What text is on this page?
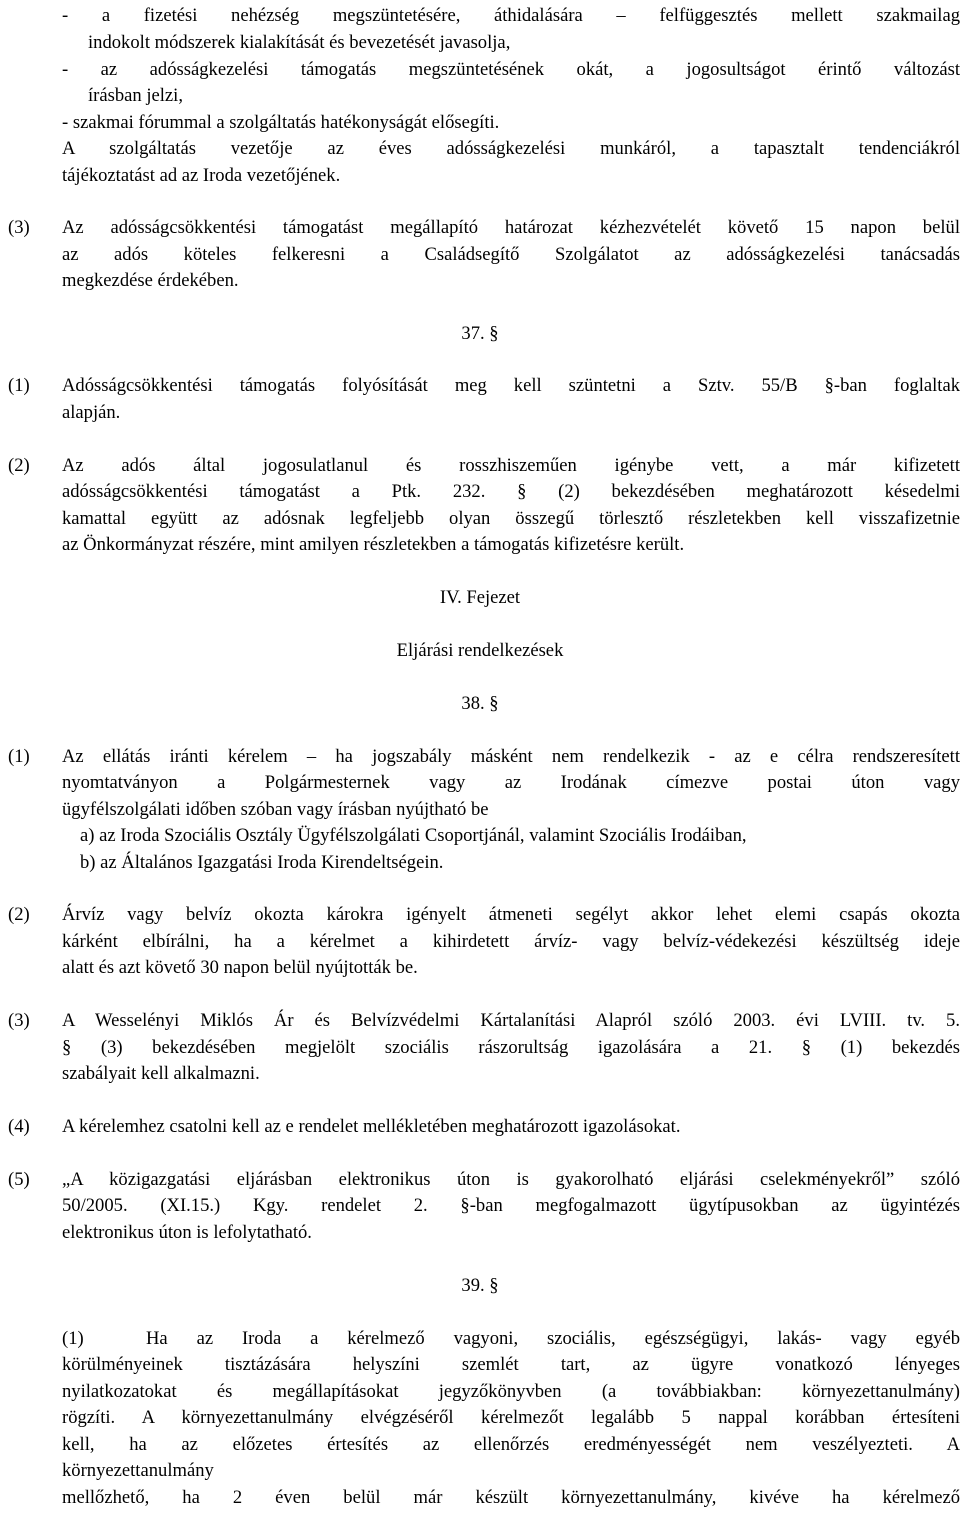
- a fizetési nehézség megszüntetésére, áthidalására – felfüggesztés mellett szakmailag
indokolt módszerek kialakítását és bevezetését javasolja,
- az adósságkezelési támogatás megszüntetésének okát, a jogosultságot érintő változást
írásban jelzi,
- szakmai fórummal a szolgáltatás hatékonyságát elősegíti.
A szolgáltatás vezetője az éves adósságkezelési munkáról, a tapasztalt tendenciákról
tájékoztatást ad az Iroda vezetőjének.
(3) Az adósságcsökkentési támogatást megállapító határozat kézhezvételét követő 15 napon belül
az adós köteles felkeresni a Családsegítő Szolgálatot az adósságkezelési tanácsadás
megkezdése érdekében.
37. §
(1) Adósságcsökkentési támogatás folyósítását meg kell szüntetni a Sztv. 55/B §-ban foglaltak
alapján.
(2) Az adós által jogosulatlanul és rosszhiszeműen igénybe vett, a már kifizetett
adósságcsökkentési támogatást a Ptk. 232. § (2) bekezdésében meghatározott késedelmi
kamattal együtt az adósnak legfeljebb olyan összegű törlesztő részletekben kell visszafizetnie
az Önkormányzat részére, mint amilyen részletekben a támogatás kifizetésre került.
IV. Fejezet
Eljárási rendelkezések
38. §
(1) Az ellátás iránti kérelem – ha jogszabály másként nem rendelkezik - az e célra rendszeresített
nyomtatványon a Polgármesternek vagy az Irodának címezve postai úton vagy
ügyfélszolgálati időben szóban vagy írásban nyújtható be
a) az Iroda Szociális Osztály Ügyfélszolgálati Csoportjánál, valamint Szociális Irodáiban,
b) az Általános Igazgatási Iroda Kirendeltségein.
(2) Árvíz vagy belvíz okozta károkra igényelt átmeneti segélyt akkor lehet elemi csapás okozta
kárként elbírálni, ha a kérelmet a kihirdetett árvíz- vagy belvíz-védekezési készültség ideje
alatt és azt követő 30 napon belül nyújtották be.
(3) A Wesselényi Miklós Ár és Belvízvédelmi Kártalanítási Alapról szóló 2003. évi LVIII. tv. 5.
§ (3) bekezdésében megjelölt szociális rászorultság igazolására a 21. § (1) bekezdés
szabályait kell alkalmazni.
(4) A kérelemhez csatolni kell az e rendelet mellékletében meghatározott igazolásokat.
(5) „A közigazgatási eljárásban elektronikus úton is gyakorolható eljárási cselekményekről” szóló
50/2005. (XI.15.) Kgy. rendelet 2. §-ban megfogalmazott ügytípusokban az ügyintézés
elektronikus úton is lefolytatható.
39. §
(1)	Ha az Iroda a kérelmező vagyoni, szociális, egészségügyi, lakás- vagy egyéb
körülményeinek tisztázására helyszíni szemlét tart, az ügyre vonatkozó lényeges
nyilatkozatokat és megállapításokat jegyzőkönyvben (a továbbiakban: környezettanulmány)
rögzíti. A környezettanulmány elvégzéséről kérelmezőt legalább 5 nappal korábban értesíteni
kell, ha az előzetes értesítés az ellenőrzés eredményességét nem veszélyezteti. A
környezettanulmány
mellőzhető, ha 2 éven belül már készült környezettanulmány, kivéve ha kérelmező
